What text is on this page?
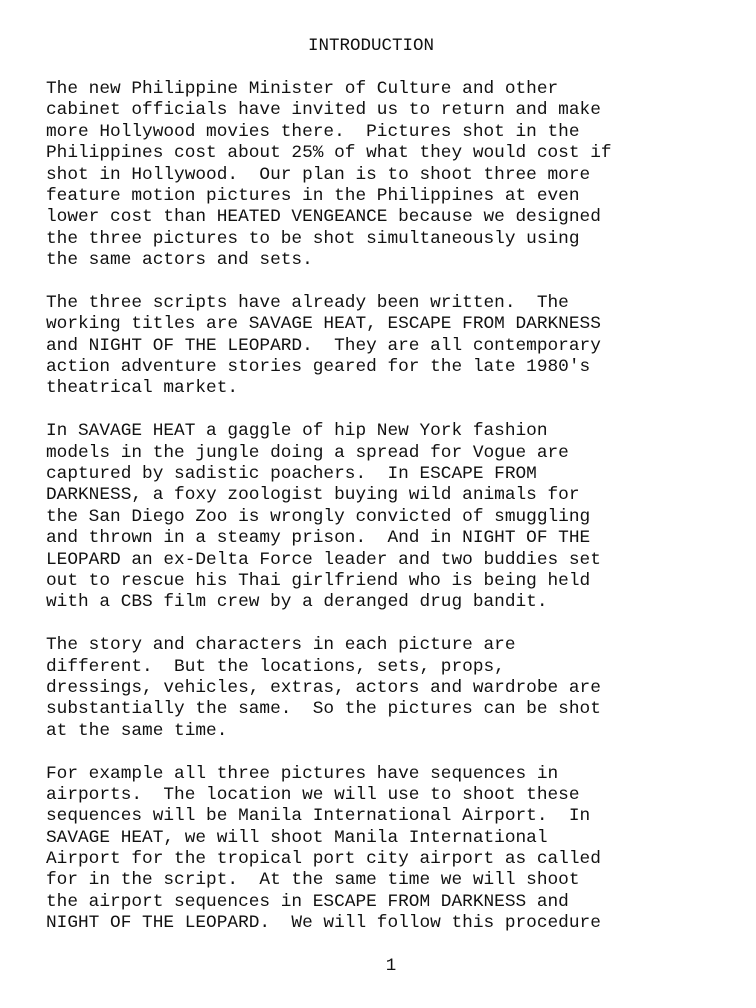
INTRODUCTION

The new Philippine Minister of Culture and other
cabinet officials have invited us to return and make
more Hollywood movies there.  Pictures shot in the
Philippines cost about 25% of what they would cost if
shot in Hollywood.  Our plan is to shoot three more
feature motion pictures in the Philippines at even
lower cost than HEATED VENGEANCE because we designed
the three pictures to be shot simultaneously using
the same actors and sets.

The three scripts have already been written.  The
working titles are SAVAGE HEAT, ESCAPE FROM DARKNESS
and NIGHT OF THE LEOPARD.  They are all contemporary
action adventure stories geared for the late 1980's
theatrical market.

In SAVAGE HEAT a gaggle of hip New York fashion
models in the jungle doing a spread for Vogue are
captured by sadistic poachers.  In ESCAPE FROM
DARKNESS, a foxy zoologist buying wild animals for
the San Diego Zoo is wrongly convicted of smuggling
and thrown in a steamy prison.  And in NIGHT OF THE
LEOPARD an ex-Delta Force leader and two buddies set
out to rescue his Thai girlfriend who is being held
with a CBS film crew by a deranged drug bandit.

The story and characters in each picture are
different.  But the locations, sets, props,
dressings, vehicles, extras, actors and wardrobe are
substantially the same.  So the pictures can be shot
at the same time.

For example all three pictures have sequences in
airports.  The location we will use to shoot these
sequences will be Manila International Airport.  In
SAVAGE HEAT, we will shoot Manila International
Airport for the tropical port city airport as called
for in the script.  At the same time we will shoot
the airport sequences in ESCAPE FROM DARKNESS and
NIGHT OF THE LEOPARD.  We will follow this procedure

1
